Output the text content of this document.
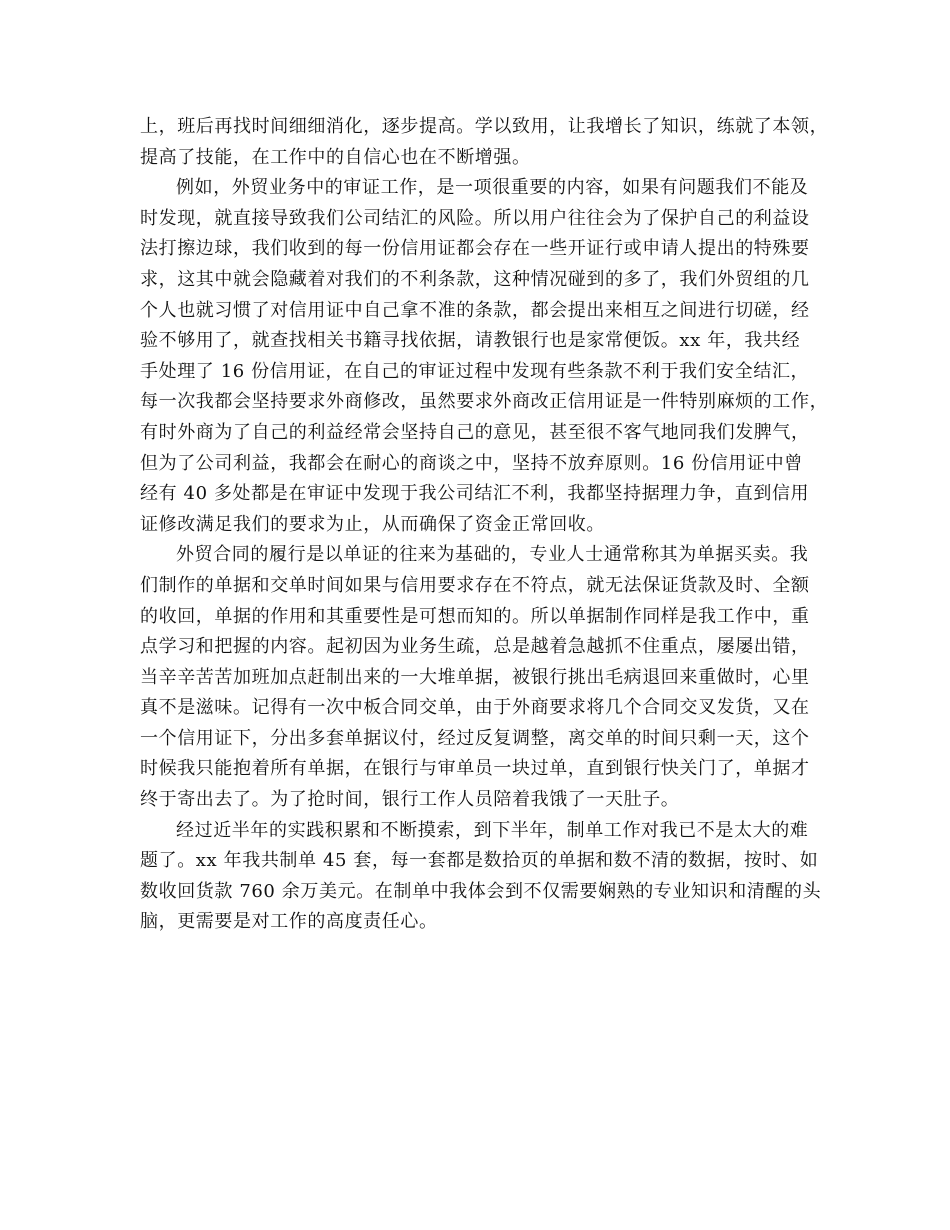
上，班后再找时间细细消化，逐步提高。学以致用，让我增长了知识，练就了本领，
提高了技能，在工作中的自信心也在不断增强。
例如，外贸业务中的审证工作，是一项很重要的内容，如果有问题我们不能及
时发现，就直接导致我们公司结汇的风险。所以用户往往会为了保护自己的利益设
法打擦边球，我们收到的每一份信用证都会存在一些开证行或申请人提出的特殊要
求，这其中就会隐藏着对我们的不利条款，这种情况碰到的多了，我们外贸组的几
个人也就习惯了对信用证中自己拿不准的条款，都会提出来相互之间进行切磋，经
验不够用了，就查找相关书籍寻找依据，请教银行也是家常便饭。xx 年，我共经
手处理了 16 份信用证，在自己的审证过程中发现有些条款不利于我们安全结汇，
每一次我都会坚持要求外商修改，虽然要求外商改正信用证是一件特别麻烦的工作，
有时外商为了自己的利益经常会坚持自己的意见，甚至很不客气地同我们发脾气，
但为了公司利益，我都会在耐心的商谈之中，坚持不放弃原则。16 份信用证中曾
经有 40 多处都是在审证中发现于我公司结汇不利，我都坚持据理力争，直到信用
证修改满足我们的要求为止，从而确保了资金正常回收。
外贸合同的履行是以单证的往来为基础的，专业人士通常称其为单据买卖。我
们制作的单据和交单时间如果与信用要求存在不符点，就无法保证货款及时、全额
的收回，单据的作用和其重要性是可想而知的。所以单据制作同样是我工作中，重
点学习和把握的内容。起初因为业务生疏，总是越着急越抓不住重点，屡屡出错，
当辛辛苦苦加班加点赶制出来的一大堆单据，被银行挑出毛病退回来重做时，心里
真不是滋味。记得有一次中板合同交单，由于外商要求将几个合同交叉发货，又在
一个信用证下，分出多套单据议付，经过反复调整，离交单的时间只剩一天，这个
时候我只能抱着所有单据，在银行与审单员一块过单，直到银行快关门了，单据才
终于寄出去了。为了抢时间，银行工作人员陪着我饿了一天肚子。
经过近半年的实践积累和不断摸索，到下半年，制单工作对我已不是太大的难
题了。xx 年我共制单 45 套，每一套都是数拾页的单据和数不清的数据，按时、如
数收回货款 760 余万美元。在制单中我体会到不仅需要娴熟的专业知识和清醒的头
脑，更需要是对工作的高度责任心。
